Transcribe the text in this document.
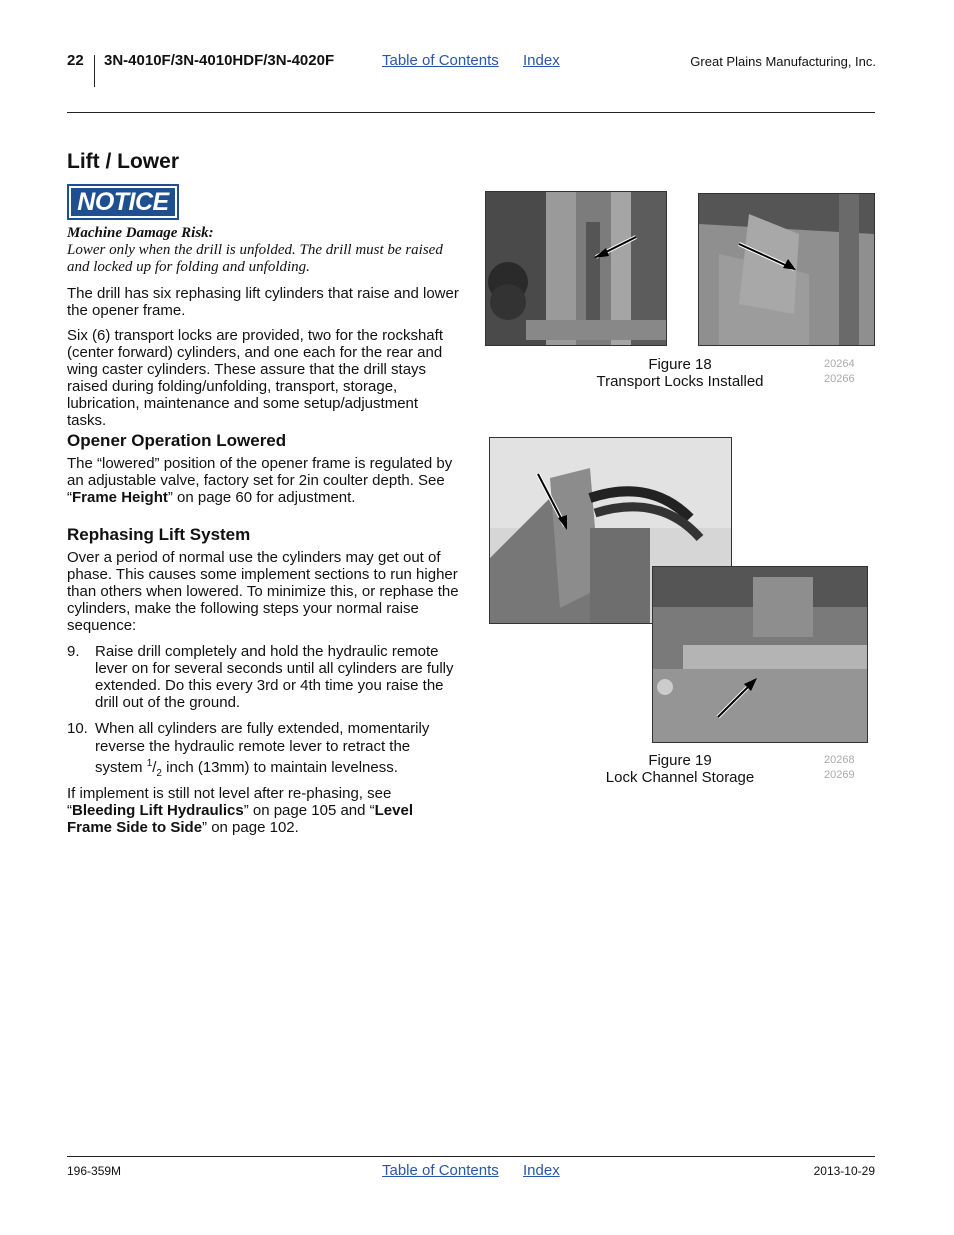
22 3N-4010F/3N-4010HDF/3N-4020F	Table of Contents Index	Great Plains Manufacturing, Inc.
Lift / Lower
NOTICE
Machine Damage Risk:
Lower only when the drill is unfolded. The drill must be raised and locked up for folding and unfolding.

The drill has six rephasing lift cylinders that raise and lower the opener frame.

Six (6) transport locks are provided, two for the rockshaft (center forward) cylinders, and one each for the rear and wing caster cylinders. These assure that the drill stays raised during folding/unfolding, transport, storage, lubrication, maintenance and some setup/adjustment tasks.

Opener Operation Lowered

The “lowered” position of the opener frame is regulated by an adjustable valve, factory set for 2in coulter depth. See “Frame Height” on page 60 for adjustment.

Rephasing Lift System

Over a period of normal use the cylinders may get out of phase. This causes some implement sections to run higher than others when lowered. To minimize this, or rephase the cylinders, make the following steps your normal raise sequence:

9. Raise drill completely and hold the hydraulic remote lever on for several seconds until all cylinders are fully extended. Do this every 3rd or 4th time you raise the drill out of the ground.

10. When all cylinders are fully extended, momentarily reverse the hydraulic remote lever to retract the system $^1/_2$ inch (13mm) to maintain levelness.

If implement is still not level after re-phasing, see “Bleeding Lift Hydraulics” on page 105 and “Level Frame Side to Side” on page 102.

Figure 18
Transport Locks Installed
20264
20266
Figure 19
Lock Channel Storage
20268
20269
196-359M	Table of Contents Index	2013-10-29
